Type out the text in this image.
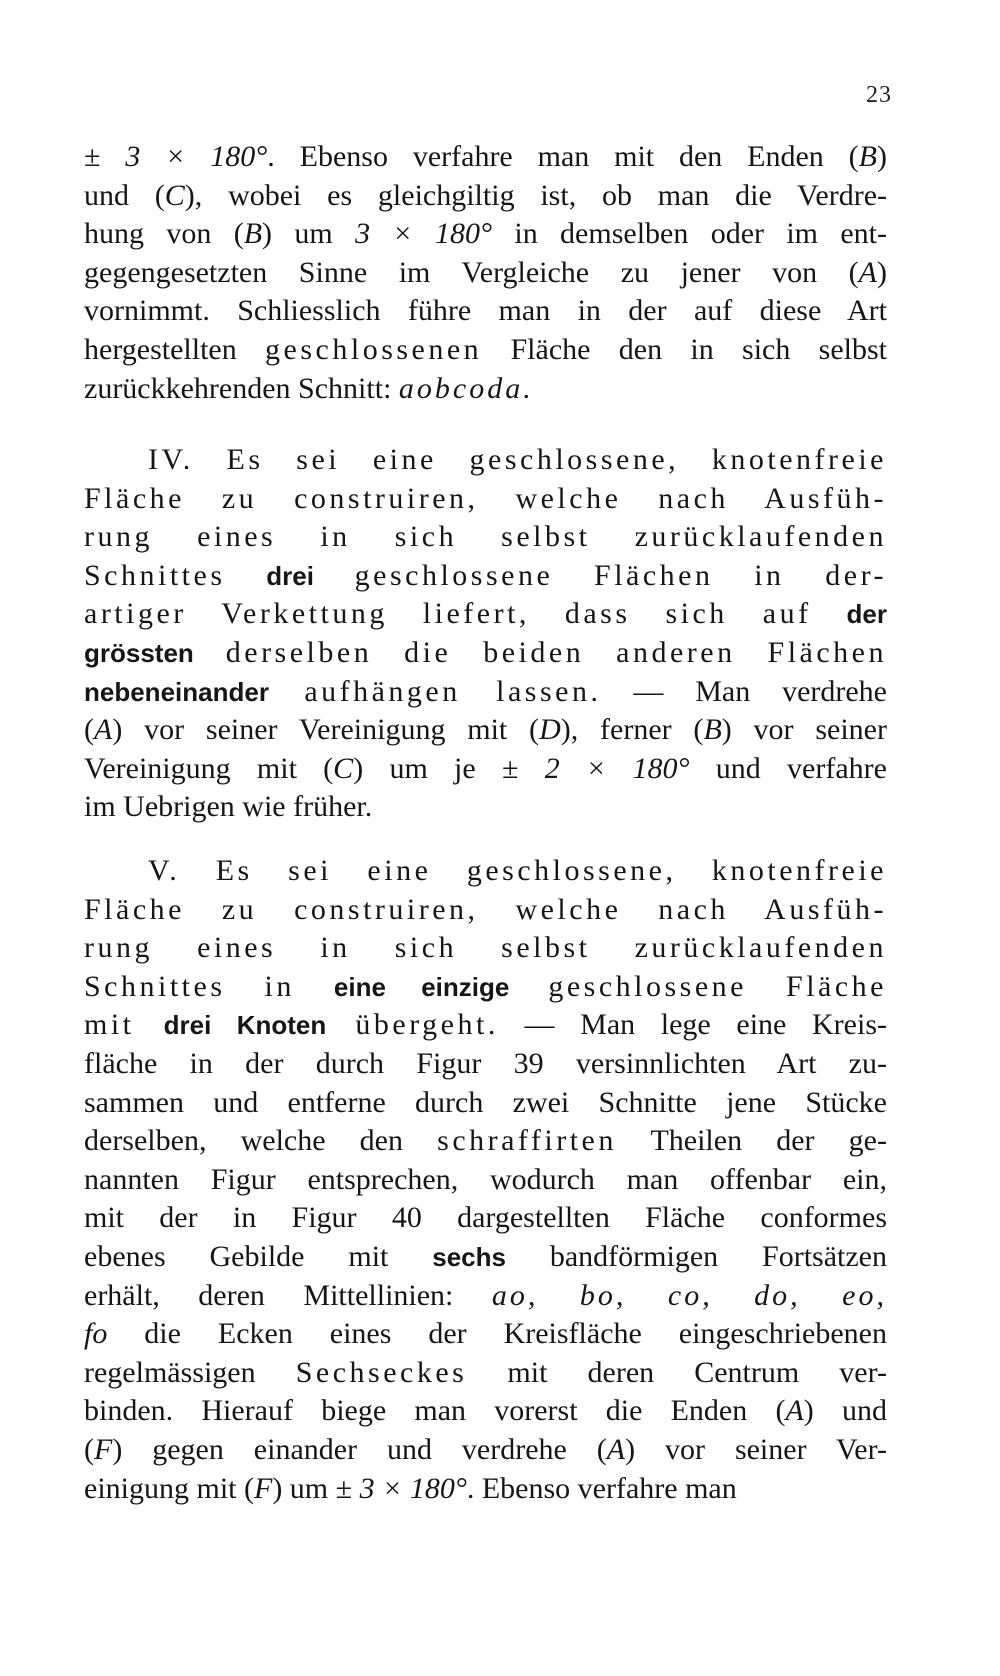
23
± 3 × 180°. Ebenso verfahre man mit den Enden (B)
und (C), wobei es gleichgiltig ist, ob man die Verdre-
hung von (B) um 3 × 180° in demselben oder im ent-
gegengesetzten Sinne im Vergleiche zu jener von (A)
vornimmt. Schliesslich führe man in der auf diese Art
hergestellten geschlossenen Fläche den in sich selbst
zurückkehrenden Schnitt: aobcoda.
IV. Es sei eine geschlossene, knotenfreie
Fläche zu construiren, welche nach Ausfüh-
rung eines in sich selbst zurücklaufenden
Schnittes drei geschlossene Flächen in der-
artiger Verkettung liefert, dass sich auf der
grössten derselben die beiden anderen Flächen
nebeneinander aufhängen lassen. — Man verdrehe
(A) vor seiner Vereinigung mit (D), ferner (B) vor seiner
Vereinigung mit (C) um je ± 2 × 180° und verfahre
im Uebrigen wie früher.
V. Es sei eine geschlossene, knotenfreie
Fläche zu construiren, welche nach Ausfüh-
rung eines in sich selbst zurücklaufenden
Schnittes in eine einzige geschlossene Fläche
mit drei Knoten übergeht. — Man lege eine Kreis-
fläche in der durch Figur 39 versinnlichten Art zu-
sammen und entferne durch zwei Schnitte jene Stücke
derselben, welche den schraffirten Theilen der ge-
nannten Figur entsprechen, wodurch man offenbar ein,
mit der in Figur 40 dargestellten Fläche conformes
ebenes Gebilde mit sechs bandförmigen Fortsätzen
erhält, deren Mittellinien: ao, bo, co, do, eo,
fo die Ecken eines der Kreisfläche eingeschriebenen
regelmässigen Sechseckes mit deren Centrum ver-
binden. Hierauf biege man vorerst die Enden (A) und
(F) gegen einander und verdrehe (A) vor seiner Ver-
einigung mit (F) um ± 3 × 180°. Ebenso verfahre man
